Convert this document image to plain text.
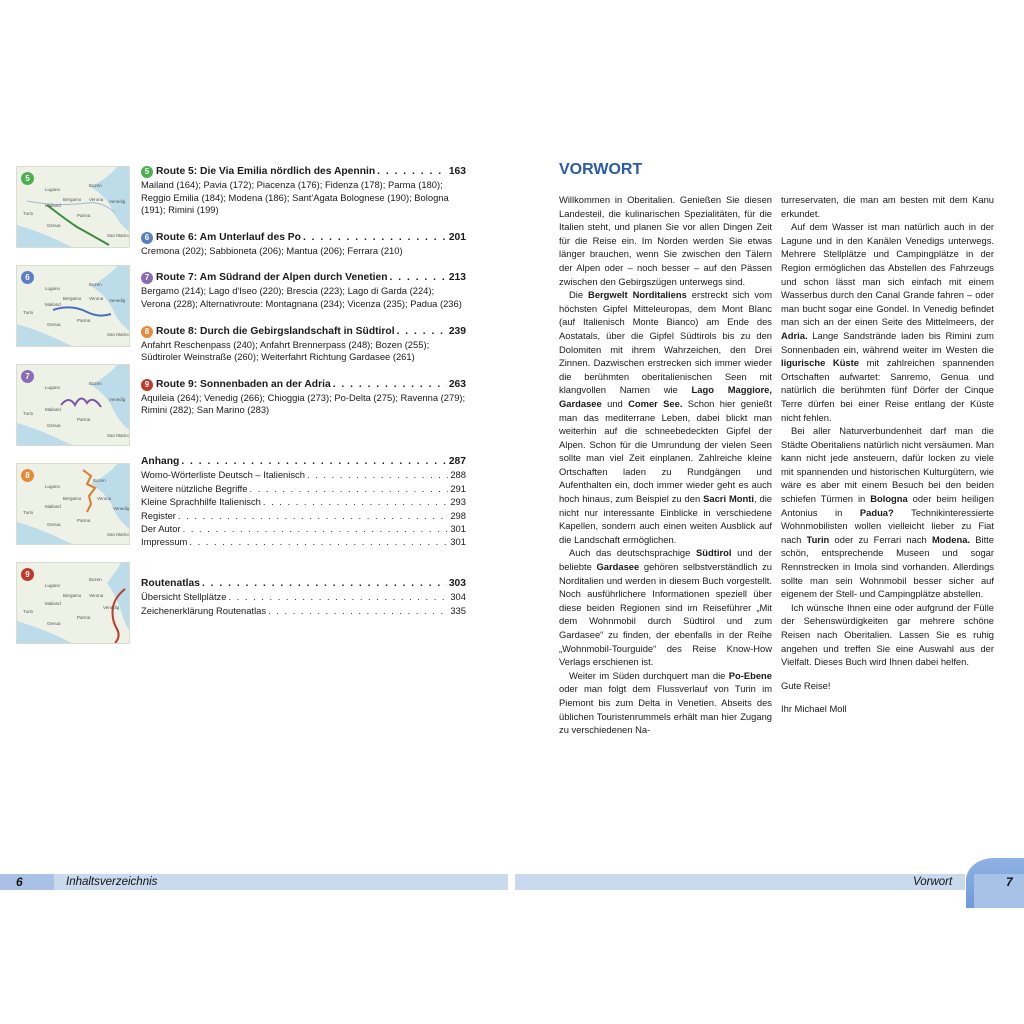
Lugano
Bozen
Bergamo Verona Venedig
Mailand
Turin	Parma
Genua
San Marino
5
Lugano
Bozen
Bergamo Verona Venedig
Mailand
Turin
Parma
Genua
San Marino
6
Lugano
Bozen
Venedig
Mailand
Turin
Parma
Genua
San Marino
7
Lugano
Bozen
Bergamo	Verona
Venedig
Mailand
Turin
Parma
Genua
San Marino
8
Lugano
Bozen
Bergamo Verona
Venedig
Mailand
Turin
Parma
Genua
9
5 Route 5: Die Via Emilia nördlich des Apennin . . .	163
Mailand (164); Pavia (172); Piacenza (176); Fidenza (178); Parma (180); Reggio Emilia (184); Modena (186); Sant'Agata Bolognese (190); Bologna (191); Rimini (199)
6 Route 6: Am Unterlauf des Po . . .	201
Cremona (202); Sabbioneta (206); Mantua (206); Ferrara (210)
7 Route 7: Am Südrand der Alpen durch Venetien . . .	213
Bergamo (214); Lago d'Iseo (220); Brescia (223); Lago di Garda (224); Verona (228); Alternativroute: Montagnana (234); Vicenza (235); Padua (236)
8 Route 8: Durch die Gebirgslandschaft in Südtirol . . .	239
Anfahrt Reschenpass (240); Anfahrt Brennerpass (248); Bozen (255); Südtiroler Weinstraße (260); Weiterfahrt Richtung Gardasee (261)
9 Route 9: Sonnenbaden an der Adria . . .	263
Aquileia (264); Venedig (266); Chioggia (273); Po-Delta (275); Ravenna (279); Rimini (282); San Marino (283)
Anhang . . .	287
Womo-Wörterliste Deutsch – Italienisch . . .	288
Weitere nützliche Begriffe . . .	291
Kleine Sprachhilfe Italienisch . . .	293
Register . . .	298
Der Autor . . .	301
Impressum . . .	301
Routenatlas . . .	303
Übersicht Stellplätze . . .	304
Zeichenerklärung Routenatlas . . .	335
VORWORT

Willkommen in Oberitalien. Genießen Sie diesen Landesteil, die kulinarischen Spezialitäten, für die Italien steht, und planen Sie vor allen Dingen Zeit für die Reise ein. Im Norden werden Sie etwas länger brauchen, wenn Sie zwischen den Tälern der Alpen oder – noch besser – auf den Pässen zwischen den Gebirgszügen unterwegs sind.

Die Bergwelt Norditaliens erstreckt sich vom höchsten Gipfel Mitteleuropas, dem Mont Blanc (auf Italienisch Monte Bianco) am Ende des Aostatals, über die Gipfel Südtirols bis zu den Dolomiten mit ihrem Wahrzeichen, den Drei Zinnen. Dazwischen erstrecken sich immer wieder die berühmten oberitalienischen Seen mit klangvollen Namen wie Lago Maggiore, Gardasee und Comer See. Schon hier genießt man das mediterrane Leben, dabei blickt man weiterhin auf die schneebedeckten Gipfel der Alpen. Schon für die Umrundung der vielen Seen sollte man viel Zeit einplanen. Zahlreiche kleine Ortschaften laden zu Rundgängen und Aufenthalten ein, doch immer wieder geht es auch hoch hinaus, zum Beispiel zu den Sacri Monti, die nicht nur interessante Einblicke in verschiedene Kapellen, sondern auch einen weiten Ausblick auf die Landschaft ermöglichen.

Auch das deutschsprachige Südtirol und der beliebte Gardasee gehören selbstverständlich zu Norditalien und werden in diesem Buch vorgestellt. Noch ausführlichere Informationen speziell über diese beiden Regionen sind im Reiseführer „Mit dem Wohnmobil durch Südtirol und zum Gardasee“ zu finden, der ebenfalls in der Reihe „Wohnmobil-Tourguide“ des Reise Know-How Verlags erschienen ist.

Weiter im Süden durchquert man die Po-Ebene oder man folgt dem Flussverlauf von Turin im Piemont bis zum Delta in Venetien. Abseits des üblichen Touristenrummels erhält man hier Zugang zu verschiedenen Na-

turreservaten, die man am besten mit dem Kanu erkundet.

Auf dem Wasser ist man natürlich auch in der Lagune und in den Kanälen Venedigs unterwegs. Mehrere Stellplätze und Campingplätze in der Region ermöglichen das Abstellen des Fahrzeugs und schon lässt man sich einfach mit einem Wasserbus durch den Canal Grande fahren – oder man bucht sogar eine Gondel. In Venedig befindet man sich an der einen Seite des Mittelmeers, der Adria. Lange Sandstrände laden bis Rimini zum Sonnenbaden ein, während weiter im Westen die ligurische Küste mit zahlreichen spannenden Ortschaften aufwartet: Sanremo, Genua und natürlich die berühmten fünf Dörfer der Cinque Terre dürfen bei einer Reise entlang der Küste nicht fehlen.

Bei aller Naturverbundenheit darf man die Städte Oberitaliens natürlich nicht versäumen. Man kann nicht jede ansteuern, dafür locken zu viele mit spannenden und historischen Kulturgütern, wie wäre es aber mit einem Besuch bei den beiden schiefen Türmen in Bologna oder beim heiligen Antonius in Padua? Technikinteressierte Wohnmobilisten wollen vielleicht lieber zu Fiat nach Turin oder zu Ferrari nach Modena. Bitte schön, entsprechende Museen und sogar Rennstrecken in Imola sind vorhanden. Allerdings sollte man sein Wohnmobil besser sicher auf eigenem der Stell- und Campingplätze abstellen.

Ich wünsche Ihnen eine oder aufgrund der Fülle der Sehenswürdigkeiten gar mehrere schöne Reisen nach Oberitalien. Lassen Sie es ruhig angehen und treffen Sie eine Auswahl aus der Vielfalt. Dieses Buch wird Ihnen dabei helfen.

Gute Reise!

Ihr Michael Moll

6	Inhaltsverzeichnis	Vorwort	7
